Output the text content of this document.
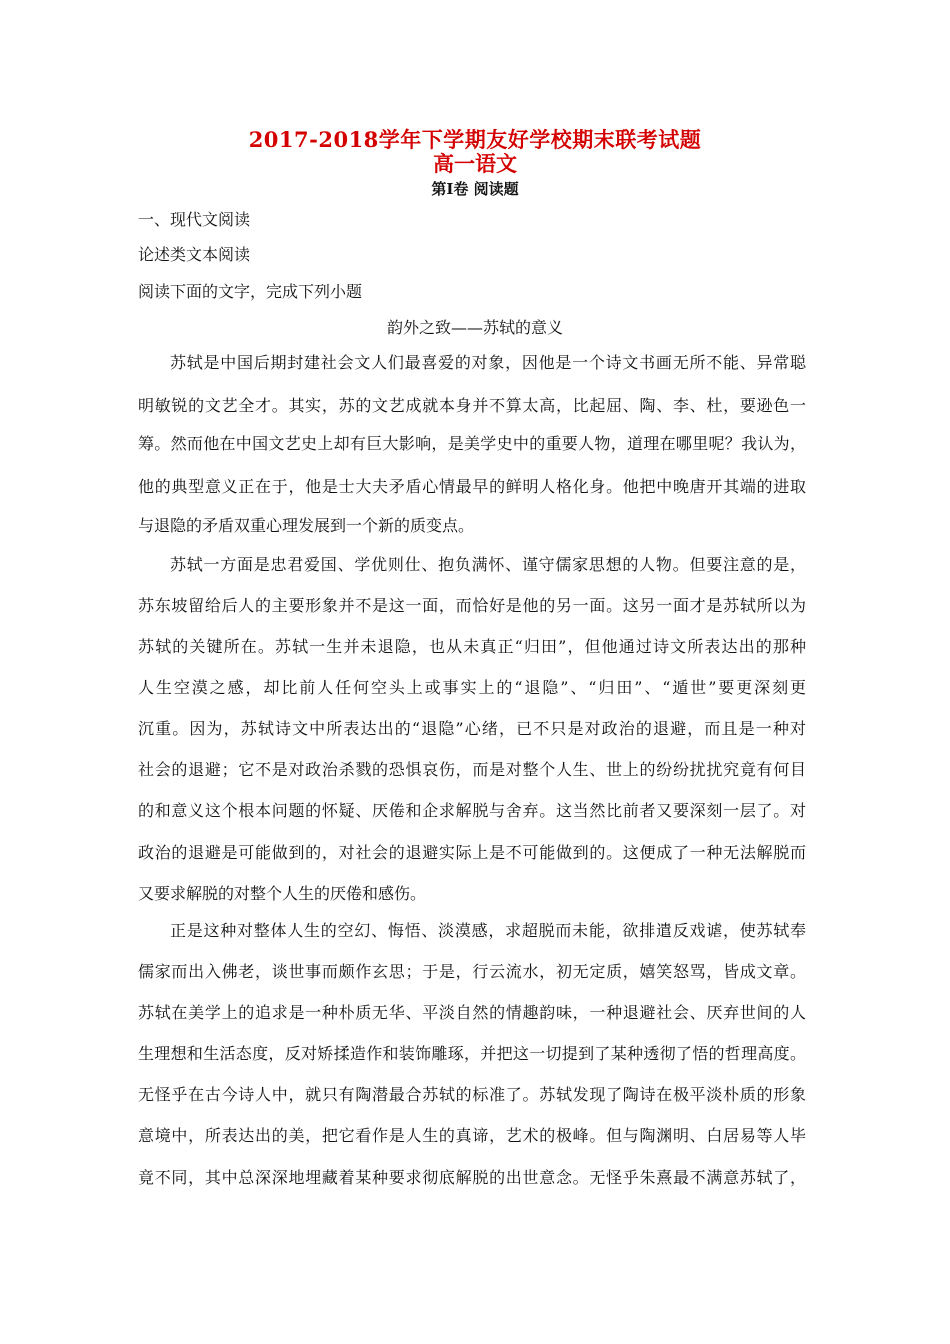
2017-2018学年下学期友好学校期末联考试题
高一语文
第Ⅰ卷 阅读题
一、现代文阅读
论述类文本阅读
阅读下面的文字，完成下列小题
韵外之致——苏轼的意义
苏轼是中国后期封建社会文人们最喜爱的对象，因他是一个诗文书画无所不能、异常聪
明敏锐的文艺全才。其实，苏的文艺成就本身并不算太高，比起屈、陶、李、杜，要逊色一
筹。然而他在中国文艺史上却有巨大影响，是美学史中的重要人物，道理在哪里呢？我认为，
他的典型意义正在于，他是士大夫矛盾心情最早的鲜明人格化身。他把中晚唐开其端的进取
与退隐的矛盾双重心理发展到一个新的质变点。
苏轼一方面是忠君爱国、学优则仕、抱负满怀、谨守儒家思想的人物。但要注意的是，
苏东坡留给后人的主要形象并不是这一面，而恰好是他的另一面。这另一面才是苏轼所以为
苏轼的关键所在。苏轼一生并未退隐，也从未真正“归田”，但他通过诗文所表达出的那种
人生空漠之感，却比前人任何空头上或事实上的“退隐”、“归田”、“遁世”要更深刻更
沉重。因为，苏轼诗文中所表达出的“退隐”心绪，已不只是对政治的退避，而且是一种对
社会的退避；它不是对政治杀戮的恐惧哀伤，而是对整个人生、世上的纷纷扰扰究竟有何目
的和意义这个根本问题的怀疑、厌倦和企求解脱与舍弃。这当然比前者又要深刻一层了。对
政治的退避是可能做到的，对社会的退避实际上是不可能做到的。这便成了一种无法解脱而
又要求解脱的对整个人生的厌倦和感伤。
正是这种对整体人生的空幻、悔悟、淡漠感，求超脱而未能，欲排遣反戏谑，使苏轼奉
儒家而出入佛老，谈世事而颇作玄思；于是，行云流水，初无定质，嬉笑怒骂，皆成文章。
苏轼在美学上的追求是一种朴质无华、平淡自然的情趣韵味，一种退避社会、厌弃世间的人
生理想和生活态度，反对矫揉造作和装饰雕琢，并把这一切提到了某种透彻了悟的哲理高度。
无怪乎在古今诗人中，就只有陶潜最合苏轼的标准了。苏轼发现了陶诗在极平淡朴质的形象
意境中，所表达出的美，把它看作是人生的真谛，艺术的极峰。但与陶渊明、白居易等人毕
竟不同，其中总深深地埋藏着某种要求彻底解脱的出世意念。无怪乎朱熹最不满意苏轼了，
